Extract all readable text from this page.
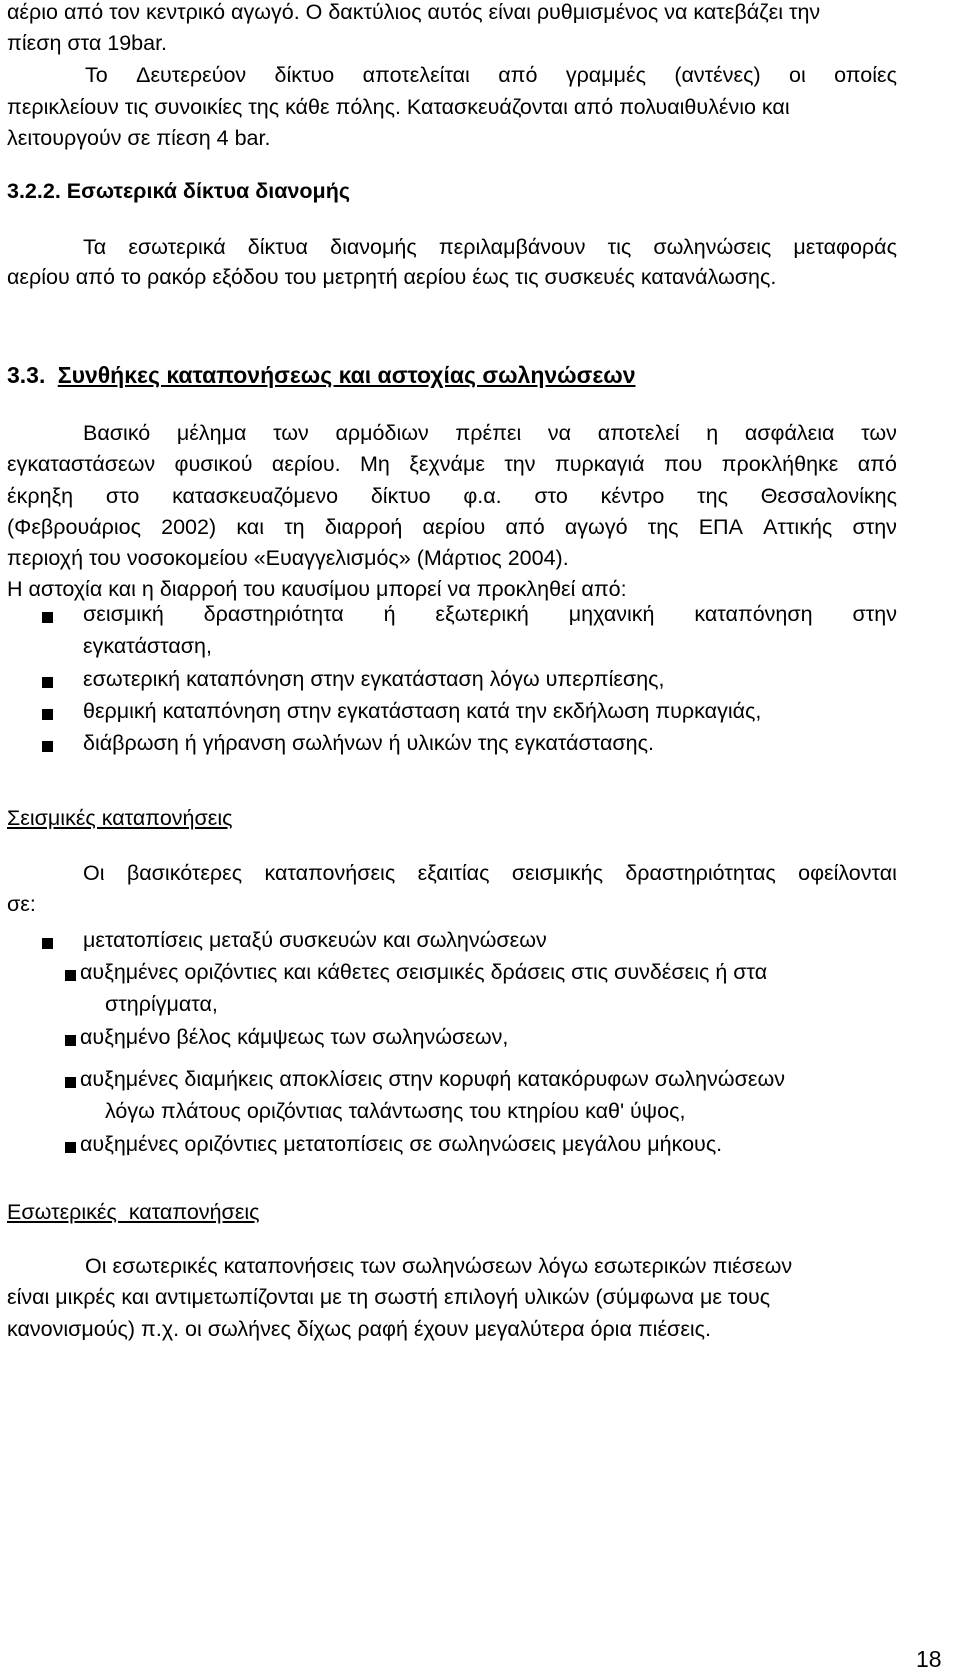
αέριο από τον κεντρικό αγωγό. Ο δακτύλιος αυτός είναι ρυθμισμένος να κατεβάζει την
πίεση στα 19bar.
Το Δευτερεύον δίκτυο αποτελείται από γραμμές (αντένες) οι οποίες
περικλείουν τις συνοικίες της κάθε πόλης. Κατασκευάζονται από πολυαιθυλένιο και
λειτουργούν σε πίεση 4 bar.
3.2.2. Εσωτερικά δίκτυα διανομής
Τα εσωτερικά δίκτυα διανομής περιλαμβάνουν τις σωληνώσεις μεταφοράς
αερίου από το ρακόρ εξόδου του μετρητή αερίου έως τις συσκευές κατανάλωσης.
3.3. Συνθήκες καταπονήσεως και αστοχίας σωληνώσεων
Βασικό μέλημα των αρμόδιων πρέπει να αποτελεί η ασφάλεια των
εγκαταστάσεων φυσικού αερίου. Μη ξεχνάμε την πυρκαγιά που προκλήθηκε από
έκρηξη στο κατασκευαζόμενο δίκτυο φ.α. στο κέντρο της Θεσσαλονίκης
(Φεβρουάριος 2002) και τη διαρροή αερίου από αγωγό της ΕΠΑ Αττικής στην
περιοχή του νοσοκομείου «Ευαγγελισμός» (Μάρτιος 2004).
Η αστοχία και η διαρροή του καυσίμου μπορεί να προκληθεί από:
σεισμική δραστηριότητα ή εξωτερική μηχανική καταπόνηση στην
εγκατάσταση,
εσωτερική καταπόνηση στην εγκατάσταση λόγω υπερπίεσης,
θερμική καταπόνηση στην εγκατάσταση κατά την εκδήλωση πυρκαγιάς,
διάβρωση ή γήρανση σωλήνων ή υλικών της εγκατάστασης.
Σεισμικές καταπονήσεις
Οι βασικότερες καταπονήσεις εξαιτίας σεισμικής δραστηριότητας οφείλονται
σε:
μετατοπίσεις μεταξύ συσκευών και σωληνώσεων
αυξημένες οριζόντιες και κάθετες σεισμικές δράσεις στις συνδέσεις ή στα
στηρίγματα,
αυξημένο βέλος κάμψεως των σωληνώσεων,
αυξημένες διαμήκεις αποκλίσεις στην κορυφή κατακόρυφων σωληνώσεων
λόγω πλάτους οριζόντιας ταλάντωσης του κτηρίου καθ' ύψος,
αυξημένες οριζόντιες μετατοπίσεις σε σωληνώσεις μεγάλου μήκους.
Εσωτερικές  καταπονήσεις
Οι εσωτερικές καταπονήσεις των σωληνώσεων λόγω εσωτερικών πιέσεων
είναι μικρές και αντιμετωπίζονται με τη σωστή επιλογή υλικών (σύμφωνα με τους
κανονισμούς) π.χ. οι σωλήνες δίχως ραφή έχουν μεγαλύτερα όρια πιέσεις.
18
